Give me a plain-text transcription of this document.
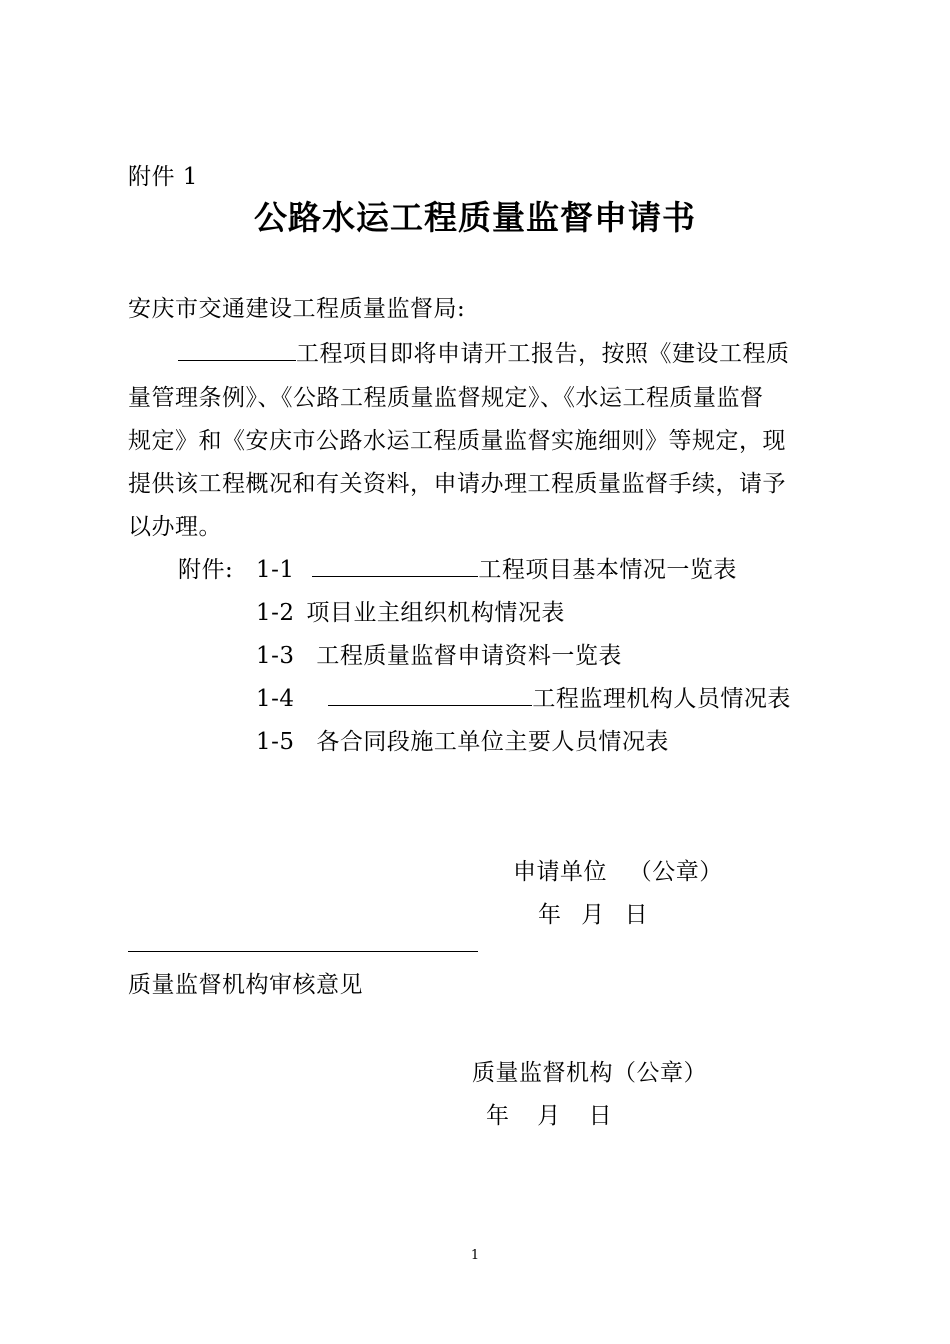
附件 1
公路水运工程质量监督申请书
安庆市交通建设工程质量监督局:
工程项目即将申请开工报告，按照《建设工程质
量管理条例》、《公路工程质量监督规定》、《水运工程质量监督
规定》和《安庆市公路水运工程质量监督实施细则》等规定，现
提供该工程概况和有关资料，申请办理工程质量监督手续，请予
以办理。
附件: 1-1	工程项目基本情况一览表
1-2 项目业主组织机构情况表
1-3 工程质量监督申请资料一览表
1-4	工程监理机构人员情况表
1-5 各合同段施工单位主要人员情况表
申请单位 （公章）
年 月 日
质量监督机构审核意见
质量监督机构（公章）
年 月 日
1
